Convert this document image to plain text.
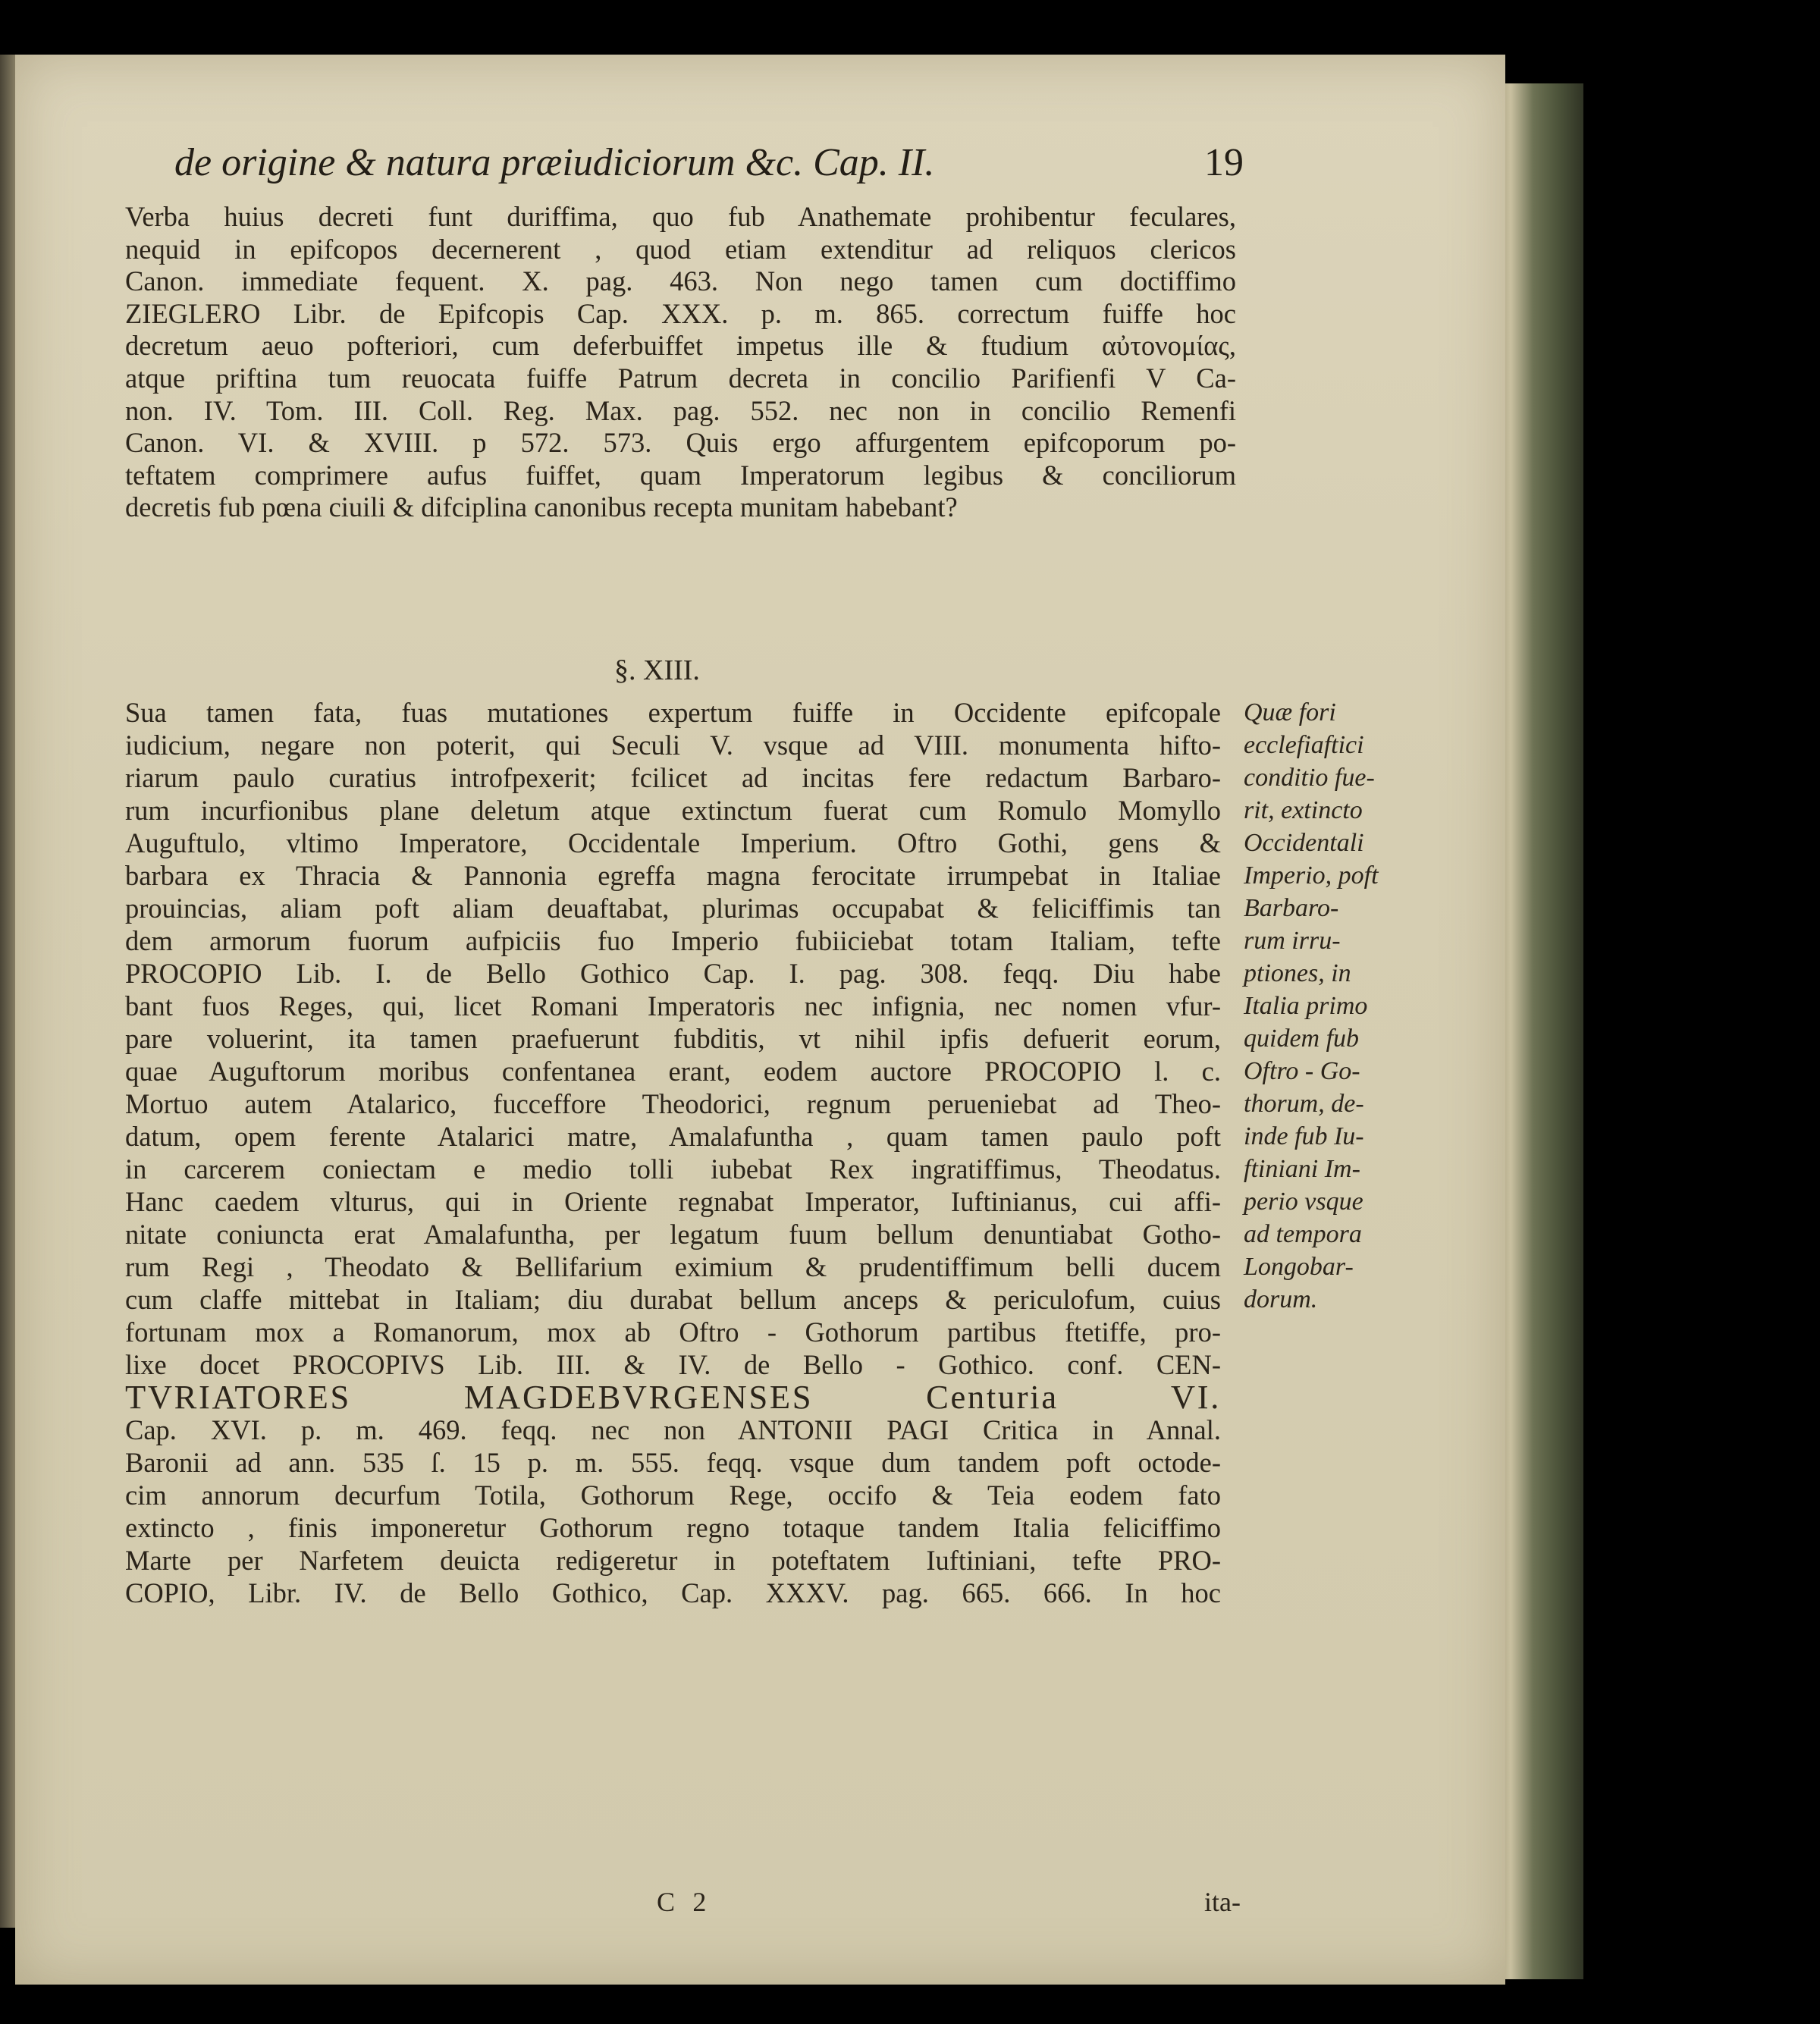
de origine & natura præiudiciorum &c. Cap. II.	19

Verba huius decreti funt duriffima, quo fub Anathemate prohibentur feculares,

nequid in epifcopos decernerent , quod etiam extenditur ad reliquos clericos

Canon. immediate fequent. X. pag. 463. Non nego tamen cum doctiffimo

ZIEGLERO Libr. de Epifcopis Cap. XXX. p. m. 865. correctum fuiffe hoc

decretum aeuo pofteriori, cum deferbuiffet impetus ille & ftudium αὐτονομίας,

atque priftina tum reuocata fuiffe Patrum decreta in concilio Parifienfi V Ca-

non. IV. Tom. III. Coll. Reg. Max. pag. 552. nec non in concilio Remenfi

Canon. VI. & XVIII. p 572. 573. Quis ergo affurgentem epifcoporum po-

teftatem comprimere aufus fuiffet, quam Imperatorum legibus & conciliorum

decretis fub pœna ciuili & difciplina canonibus recepta munitam habebant?

§. XIII.

Sua tamen fata, fuas mutationes expertum fuiffe in Occidente epifcopale

iudicium, negare non poterit, qui Seculi V. vsque ad VIII. monumenta hifto-

riarum paulo curatius introfpexerit; fcilicet ad incitas fere redactum Barbaro-

rum incurfionibus plane deletum atque extinctum fuerat cum Romulo Momyllo

Auguftulo, vltimo Imperatore, Occidentale Imperium. Oftro Gothi, gens &

barbara ex Thracia & Pannonia egreffa magna ferocitate irrumpebat in Italiae

prouincias, aliam poft aliam deuaftabat, plurimas occupabat & feliciffimis tan

dem armorum fuorum aufpiciis fuo Imperio fubiiciebat totam Italiam, tefte

PROCOPIO Lib. I. de Bello Gothico Cap. I. pag. 308. feqq. Diu habe

bant fuos Reges, qui, licet Romani Imperatoris nec infignia, nec nomen vfur-

pare voluerint, ita tamen praefuerunt fubditis, vt nihil ipfis defuerit eorum,

quae Auguftorum moribus confentanea erant, eodem auctore PROCOPIO l. c.

Mortuo autem Atalarico, fucceffore Theodorici, regnum perueniebat ad Theo-

datum, opem ferente Atalarici matre, Amalafuntha , quam tamen paulo poft

in carcerem coniectam e medio tolli iubebat Rex ingratiffimus, Theodatus.

Hanc caedem vlturus, qui in Oriente regnabat Imperator, Iuftinianus, cui affi-

nitate coniuncta erat Amalafuntha, per legatum fuum bellum denuntiabat Gotho-

rum Regi , Theodato & Bellifarium eximium & prudentiffimum belli ducem

cum claffe mittebat in Italiam; diu durabat bellum anceps & periculofum, cuius

fortunam mox a Romanorum, mox ab Oftro - Gothorum partibus ftetiffe, pro-

lixe docet PROCOPIVS Lib. III. & IV. de Bello - Gothico. conf. CEN-

TVRIATORES MAGDEBVRGENSES Centuria VI.

Cap. XVI. p. m. 469. feqq. nec non ANTONII PAGI Critica in Annal.

Baronii ad ann. 535 ſ. 15 p. m. 555. feqq. vsque dum tandem poft octode-

cim annorum decurfum Totila, Gothorum Rege, occifo & Teia eodem fato

extincto , finis imponeretur Gothorum regno totaque tandem Italia feliciffimo

Marte per Narfetem deuicta redigeretur in poteftatem Iuftiniani, tefte PRO-

COPIO, Libr. IV. de Bello Gothico, Cap. XXXV. pag. 665. 666. In hoc

Quæ fori
ecclefiaftici
conditio fue-
rit, extincto
Occidentali
Imperio, poft
Barbaro-
rum irru-
ptiones, in
Italia primo
quidem fub
Oftro - Go-
thorum, de-
inde fub Iu-
ftiniani Im-
perio vsque
ad tempora
Longobar-
dorum.
C 2	ita-
